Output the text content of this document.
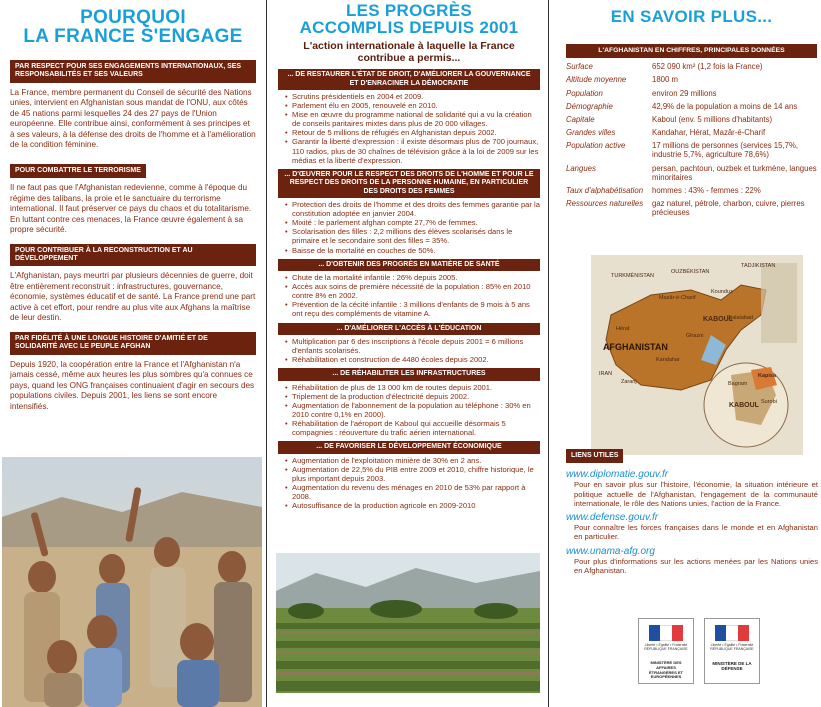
POURQUOI
LA FRANCE S'ENGAGE
PAR RESPECT POUR SES ENGAGEMENTS INTERNATIONAUX, SES RESPONSABILITÉS ET SES VALEURS
La France, membre permanent du Conseil de sécurité des Nations unies, intervient en Afghanistan sous mandat de l'ONU, aux côtés de 45 nations parmi lesquelles 24 des 27 pays de l'Union européenne. Elle contribue ainsi, conformément à ses principes et à ses valeurs, à la défense des droits de l'homme et à l'amélioration de la condition féminine.
POUR COMBATTRE LE TERRORISME
Il ne faut pas que l'Afghanistan redevienne, comme à l'époque du régime des talibans, la proie et le sanctuaire du terrorisme international. Il faut préserver ce pays du chaos et du totalitarisme. En luttant contre ces menaces, la France œuvre également à sa propre sécurité.
POUR CONTRIBUER À LA RECONSTRUCTION ET AU DÉVELOPPEMENT
L'Afghanistan, pays meurtri par plusieurs décennies de guerre, doit être entièrement reconstruit : infrastructures, gouvernance, économie, systèmes éducatif et de santé. La France prend une part active à cet effort, pour rendre au plus vite aux Afghans la maîtrise de leur destin.
PAR FIDÉLITÉ À UNE LONGUE HISTOIRE D'AMITIÉ ET DE SOLIDARITÉ AVEC LE PEUPLE AFGHAN
Depuis 1920, la coopération entre la France et l'Afghanistan n'a jamais cessé, même aux heures les plus sombres qu'a connues ce pays, quand les ONG françaises continuaient d'agir en secours des populations civiles. Depuis 2001, les liens se sont encore intensifiés.
LES PROGRÈS
ACCOMPLIS DEPUIS 2001
L'action internationale à laquelle la France contribue a permis...
... DE RESTAURER L'ÉTAT DE DROIT, D'AMÉLIORER LA GOUVERNANCE ET D'ENRACINER LA DÉMOCRATIE
• Scrutins présidentiels en 2004 et 2009.
• Parlement élu en 2005, renouvelé en 2010.
• Mise en œuvre du programme national de solidarité qui a vu la création de conseils paritaires mixtes dans plus de 20 000 villages.
• Retour de 5 millions de réfugiés en Afghanistan depuis 2002.
• Garantir la liberté d'expression : il existe désormais plus de 700 journaux, 110 radios, plus de 30 chaînes de télévision grâce à la loi de 2009 sur les médias et la liberté d'expression.
... D'ŒUVRER POUR LE RESPECT DES DROITS DE L'HOMME ET POUR LE RESPECT DES DROITS DE LA PERSONNE HUMAINE, EN PARTICULIER DES DROITS DES FEMMES
• Protection des droits de l'homme et des droits des femmes garantie par la constitution adoptée en janvier 2004.
• Mixité : le parlement afghan compte 27,7% de femmes.
• Scolarisation des filles : 2,2 millions des élèves scolarisés dans le primaire et le secondaire sont des filles = 35%.
• Baisse de la mortalité en couches de 50%.
... D'OBTENIR DES PROGRÈS EN MATIÈRE DE SANTÉ
• Chute de la mortalité infantile : 26% depuis 2005.
• Accès aux soins de première nécessité de la population : 85% en 2010 contre 8% en 2002.
• Prévention de la cécité infantile : 3 millions d'enfants de 9 mois à 5 ans ont reçu des compléments de vitamine A.
... D'AMÉLIORER L'ACCÈS À L'ÉDUCATION
• Multiplication par 6 des inscriptions à l'école depuis 2001 = 6 millions d'enfants scolarisés.
• Réhabilitation et construction de 4480 écoles depuis 2002.
... DE RÉHABILITER LES INFRASTRUCTURES
• Réhabilitation de plus de 13 000 km de routes depuis 2001.
• Triplement de la production d'électricité depuis 2002.
• Augmentation de l'abonnement de la population au téléphone : 30% en 2010 contre 0,1% en 2000).
• Réhabilitation de l'aéroport de Kaboul qui accueille désormais 5 compagnies : réouverture du trafic aérien international.
... DE FAVORISER LE DÉVELOPPEMENT ÉCONOMIQUE
• Augmentation de l'exploitation minière de 30% en 2 ans.
• Augmentation de 22,5% du PIB entre 2009 et 2010, chiffre historique, le plus important depuis 2003.
• Augmentation du revenu des ménages en 2010 de 53% par rapport à 2008.
• Autosuffisance de la production agricole en 2009-2010
EN SAVOIR PLUS...
L'AFGHANISTAN EN CHIFFRES, PRINCIPALES DONNÉES
Surface	652 090 km² (1,2 fois la France)
Altitude moyenne	1800 m
Population	environ 29 millions
Démographie	42,9% de la population a moins de 14 ans
Capitale	Kaboul (env. 5 millions d'habitants)
Grandes villes	Kandahar, Hérat, Mazâr-é-Charif
Population active	17 millions de personnes (services 15,7%, industrie 5,7%, agriculture 78,6%)
Langues	persan, pachtoun, ouzbek et turkmène, langues minoritaires
Taux d'alphabétisation	hommes : 43% - femmes : 22%
Ressources naturelles	gaz naturel, pétrole, charbon, cuivre, pierres précieuses
TURKMÉNISTAN
OUZBÉKISTAN
TADJIKISTAN
Mazâr-é-Charif
Kounduz
Hérat
KABOUL
Ghazni
Kandahar
Zaranj
IRAN
Djalalabad
Bagram
Kapisa
Surobi
KABOUL
AFGHANISTAN
LIENS UTILES
www.diplomatie.gouv.fr
Pour en savoir plus sur l'histoire, l'économie, la situation intérieure et politique actuelle de l'Afghanistan, l'engagement de la communauté internationale, le rôle des Nations unies, l'action de la France.
www.defense.gouv.fr
Pour connaître les forces françaises dans le monde et en Afghanistan en particulier.
www.unama-afg.org
Pour plus d'informations sur les actions menées par les Nations unies en Afghanistan.
Liberté • Égalité • Fraternité
RÉPUBLIQUE FRANÇAISE
MINISTÈRE DES AFFAIRES ÉTRANGÈRES ET EUROPÉENNES
Liberté • Égalité • Fraternité
RÉPUBLIQUE FRANÇAISE
MINISTÈRE DE LA DÉFENSE
